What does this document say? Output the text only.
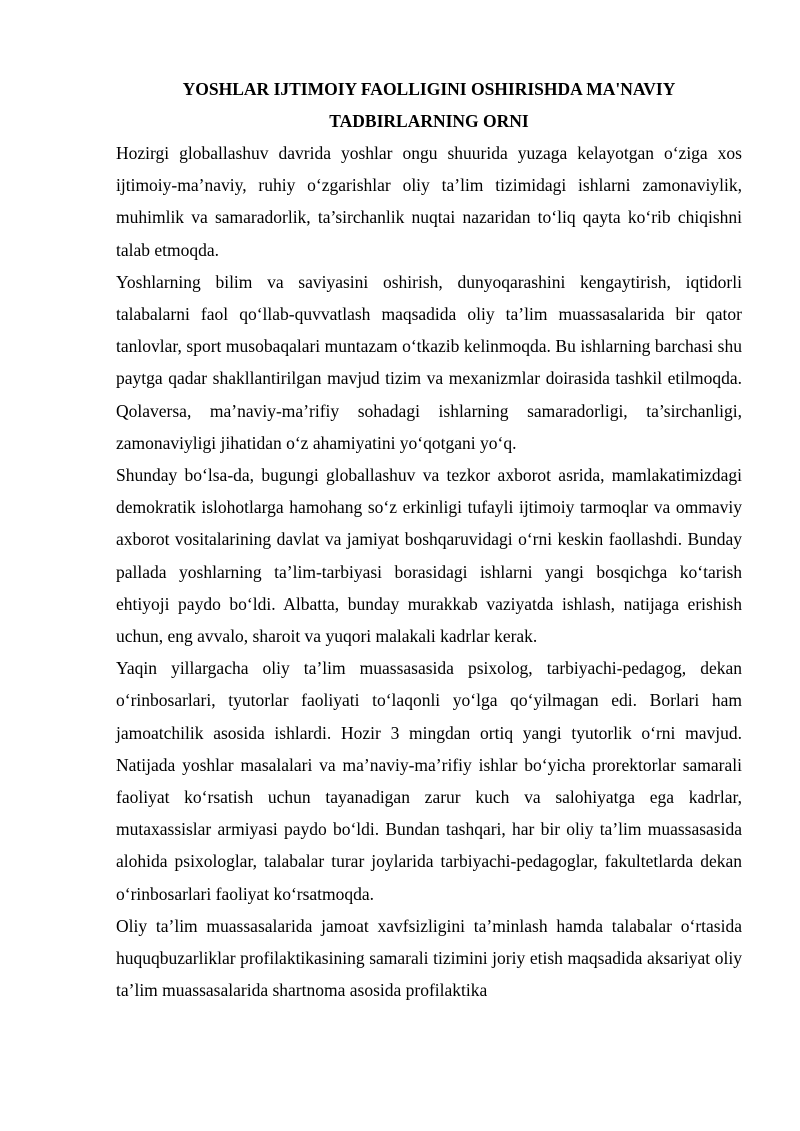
YOSHLAR IJTIMOIY FAOLLIGINI OSHIRISHDA MA'NAVIY
TADBIRLARNING ORNI

Hozirgi globallashuv davrida yoshlar ongu shuurida yuzaga kelayotgan o‘ziga xos ijtimoiy-ma’naviy, ruhiy o‘zgarishlar oliy ta’lim tizimidagi ishlarni zamonaviylik, muhimlik va samaradorlik, ta’sirchanlik nuqtai nazaridan to‘liq qayta ko‘rib chiqishni talab etmoqda.

Yoshlarning bilim va saviyasini oshirish, dunyoqarashini kengaytirish, iqtidorli talabalarni faol qo‘llab-quvvatlash maqsadida oliy ta’lim muassasalarida bir qator tanlovlar, sport musobaqalari muntazam o‘tkazib kelinmoqda. Bu ishlarning barchasi shu paytga qadar shakllantirilgan mavjud tizim va mexanizmlar doirasida tashkil etilmoqda. Qolaversa, ma’naviy-ma’rifiy sohadagi ishlarning samaradorligi, ta’sirchanligi, zamonaviyligi jihatidan o‘z ahamiyatini yo‘qotgani yo‘q.

Shunday bo‘lsa-da, bugungi globallashuv va tezkor axborot asrida, mamlakatimizdagi demokratik islohotlarga hamohang so‘z erkinligi tufayli ijtimoiy tarmoqlar va ommaviy axborot vositalarining davlat va jamiyat boshqaruvidagi o‘rni keskin faollashdi. Bunday pallada yoshlarning ta’lim-tarbiyasi borasidagi ishlarni yangi bosqichga ko‘tarish ehtiyoji paydo bo‘ldi. Albatta, bunday murakkab vaziyatda ishlash, natijaga erishish uchun, eng avvalo, sharoit va yuqori malakali kadrlar kerak.

Yaqin yillargacha oliy ta’lim muassasasida psixolog, tarbiyachi-pedagog, dekan o‘rinbosarlari, tyutorlar faoliyati to‘laqonli yo‘lga qo‘yilmagan edi. Borlari ham jamoatchilik asosida ishlardi. Hozir 3 mingdan ortiq yangi tyutorlik o‘rni mavjud. Natijada yoshlar masalalari va ma’naviy-ma’rifiy ishlar bo‘yicha prorektorlar samarali faoliyat ko‘rsatish uchun tayanadigan zarur kuch va salohiyatga ega kadrlar, mutaxassislar armiyasi paydo bo‘ldi. Bundan tashqari, har bir oliy ta’lim muassasasida alohida psixologlar, talabalar turar joylarida tarbiyachi-pedagoglar, fakultetlarda dekan o‘rinbosarlari faoliyat ko‘rsatmoqda.

Oliy ta’lim muassasalarida jamoat xavfsizligini ta’minlash hamda talabalar o‘rtasida huquqbuzarliklar profilaktikasining samarali tizimini joriy etish maqsadida aksariyat oliy ta’lim muassasalarida shartnoma asosida profilaktika
